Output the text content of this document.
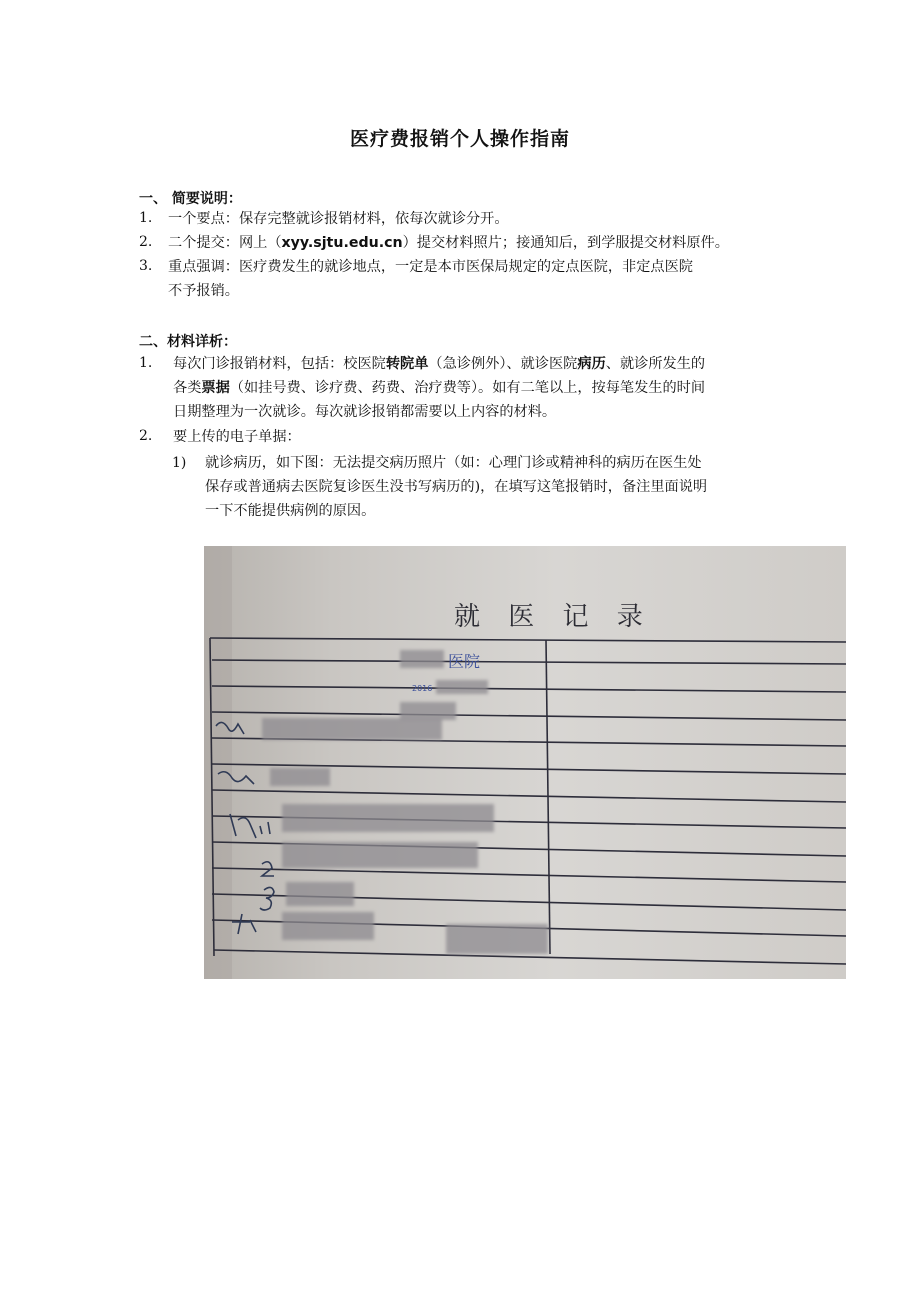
医疗费报销个人操作指南
一、 简要说明：
1. 一个要点：保存完整就诊报销材料，依每次就诊分开。
2. 二个提交：网上（xyy.sjtu.edu.cn）提交材料照片；接通知后，到学服提交材料原件。
3. 重点强调：医疗费发生的就诊地点，一定是本市医保局规定的定点医院，非定点医院
不予报销。
二、材料详析：
1. 每次门诊报销材料，包括：校医院转院单（急诊例外）、就诊医院病历、就诊所发生的
各类票据（如挂号费、诊疗费、药费、治疗费等）。如有二笔以上，按每笔发生的时间
日期整理为一次就诊。每次就诊报销都需要以上内容的材料。
2. 要上传的电子单据：
1) 就诊病历，如下图：无法提交病历照片（如：心理门诊或精神科的病历在医生处
保存或普通病去医院复诊医生没书写病历的)，在填写这笔报销时，备注里面说明
一下不能提供病例的原因。
就 医 记 录
医院
2016
